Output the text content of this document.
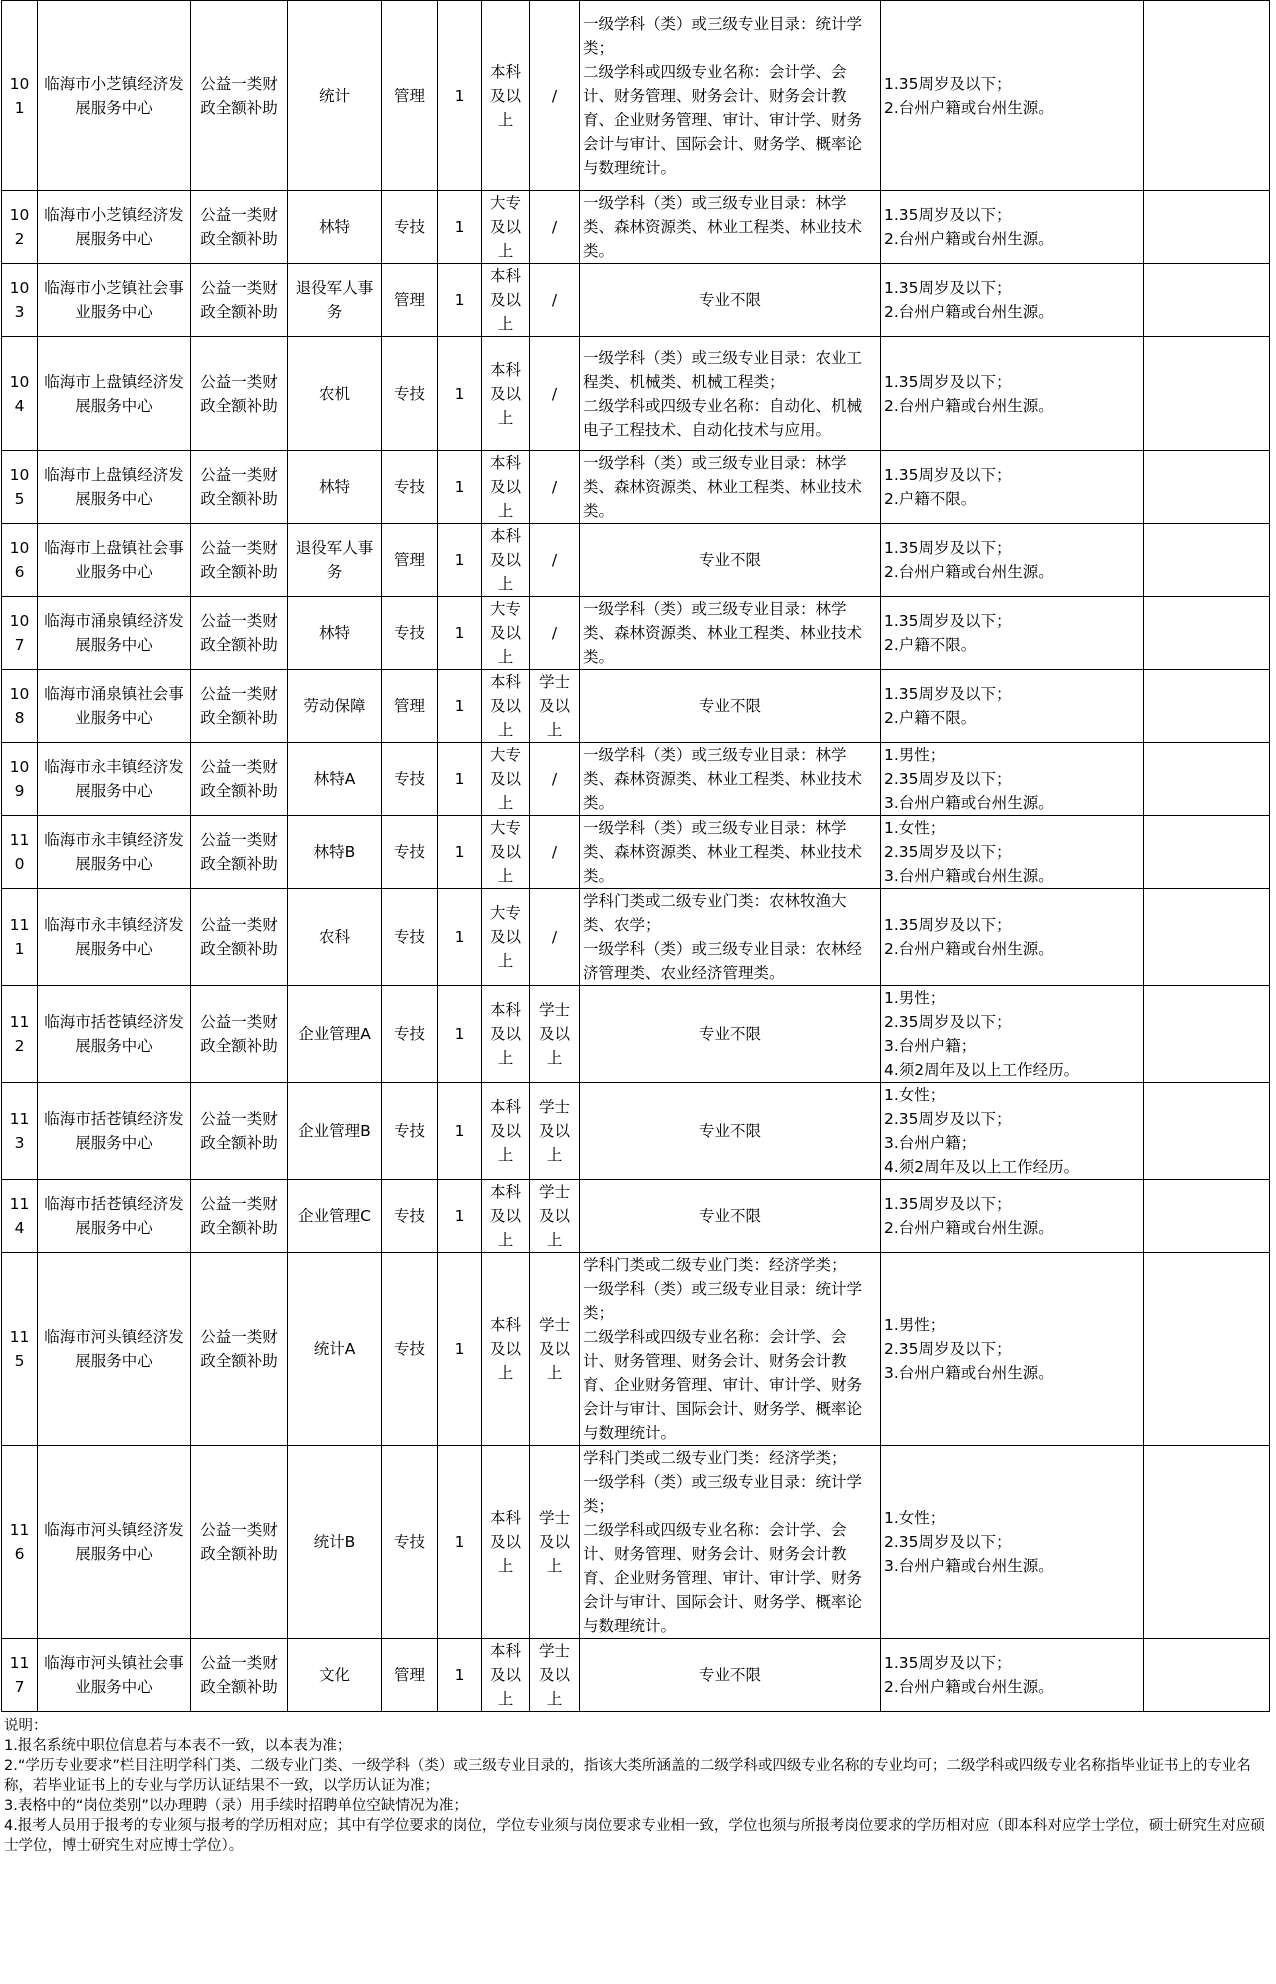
101	临海市小芝镇经济发展服务中心	公益一类财政全额补助	统计	管理	1	本科及以上	/	一级学科（类）或三级专业目录：统计学类；
二级学科或四级专业名称：会计学、会计、财务管理、财务会计、财务会计教育、企业财务管理、审计、审计学、财务会计与审计、国际会计、财务学、概率论与数理统计。	1.35周岁及以下；
2.台州户籍或台州生源。	
102	临海市小芝镇经济发展服务中心	公益一类财政全额补助	林特	专技	1	大专及以上	/	一级学科（类）或三级专业目录：林学类、森林资源类、林业工程类、林业技术类。	1.35周岁及以下；
2.台州户籍或台州生源。	
103	临海市小芝镇社会事业服务中心	公益一类财政全额补助	退役军人事务	管理	1	本科及以上	/	专业不限	1.35周岁及以下；
2.台州户籍或台州生源。	
104	临海市上盘镇经济发展服务中心	公益一类财政全额补助	农机	专技	1	本科及以上	/	一级学科（类）或三级专业目录：农业工程类、机械类、机械工程类；
二级学科或四级专业名称：自动化、机械电子工程技术、自动化技术与应用。	1.35周岁及以下；
2.台州户籍或台州生源。	
105	临海市上盘镇经济发展服务中心	公益一类财政全额补助	林特	专技	1	本科及以上	/	一级学科（类）或三级专业目录：林学类、森林资源类、林业工程类、林业技术类。	1.35周岁及以下；
2.户籍不限。	
106	临海市上盘镇社会事业服务中心	公益一类财政全额补助	退役军人事务	管理	1	本科及以上	/	专业不限	1.35周岁及以下；
2.台州户籍或台州生源。	
107	临海市涌泉镇经济发展服务中心	公益一类财政全额补助	林特	专技	1	大专及以上	/	一级学科（类）或三级专业目录：林学类、森林资源类、林业工程类、林业技术类。	1.35周岁及以下；
2.户籍不限。	
108	临海市涌泉镇社会事业服务中心	公益一类财政全额补助	劳动保障	管理	1	本科及以上	学士及以上	专业不限	1.35周岁及以下；
2.户籍不限。	
109	临海市永丰镇经济发展服务中心	公益一类财政全额补助	林特A	专技	1	大专及以上	/	一级学科（类）或三级专业目录：林学类、森林资源类、林业工程类、林业技术类。	1.男性；
2.35周岁及以下；
3.台州户籍或台州生源。	
110	临海市永丰镇经济发展服务中心	公益一类财政全额补助	林特B	专技	1	大专及以上	/	一级学科（类）或三级专业目录：林学类、森林资源类、林业工程类、林业技术类。	1.女性；
2.35周岁及以下；
3.台州户籍或台州生源。	
111	临海市永丰镇经济发展服务中心	公益一类财政全额补助	农科	专技	1	大专及以上	/	学科门类或二级专业门类：农林牧渔大类、农学；
一级学科（类）或三级专业目录：农林经济管理类、农业经济管理类。	1.35周岁及以下；
2.台州户籍或台州生源。	
112	临海市括苍镇经济发展服务中心	公益一类财政全额补助	企业管理A	专技	1	本科及以上	学士及以上	专业不限	1.男性；
2.35周岁及以下；
3.台州户籍；
4.须2周年及以上工作经历。	
113	临海市括苍镇经济发展服务中心	公益一类财政全额补助	企业管理B	专技	1	本科及以上	学士及以上	专业不限	1.女性；
2.35周岁及以下；
3.台州户籍；
4.须2周年及以上工作经历。	
114	临海市括苍镇经济发展服务中心	公益一类财政全额补助	企业管理C	专技	1	本科及以上	学士及以上	专业不限	1.35周岁及以下；
2.台州户籍或台州生源。	
115	临海市河头镇经济发展服务中心	公益一类财政全额补助	统计A	专技	1	本科及以上	学士及以上	学科门类或二级专业门类：经济学类；
一级学科（类）或三级专业目录：统计学类；
二级学科或四级专业名称：会计学、会计、财务管理、财务会计、财务会计教育、企业财务管理、审计、审计学、财务会计与审计、国际会计、财务学、概率论与数理统计。	1.男性；
2.35周岁及以下；
3.台州户籍或台州生源。	
116	临海市河头镇经济发展服务中心	公益一类财政全额补助	统计B	专技	1	本科及以上	学士及以上	学科门类或二级专业门类：经济学类；
一级学科（类）或三级专业目录：统计学类；
二级学科或四级专业名称：会计学、会计、财务管理、财务会计、财务会计教育、企业财务管理、审计、审计学、财务会计与审计、国际会计、财务学、概率论与数理统计。	1.女性；
2.35周岁及以下；
3.台州户籍或台州生源。	
117	临海市河头镇社会事业服务中心	公益一类财政全额补助	文化	管理	1	本科及以上	学士及以上	专业不限	1.35周岁及以下；
2.台州户籍或台州生源。	
说明：
1.报名系统中职位信息若与本表不一致，以本表为准；
2.“学历专业要求”栏目注明学科门类、二级专业门类、一级学科（类）或三级专业目录的，指该大类所涵盖的二级学科或四级专业名称的专业均可；二级学科或四级专业名称指毕业证书上的专业名称，若毕业证书上的专业与学历认证结果不一致，以学历认证为准；
3.表格中的“岗位类别”以办理聘（录）用手续时招聘单位空缺情况为准；
4.报考人员用于报考的专业须与报考的学历相对应；其中有学位要求的岗位，学位专业须与岗位要求专业相一致，学位也须与所报考岗位要求的学历相对应（即本科对应学士学位，硕士研究生对应硕士学位，博士研究生对应博士学位）。
